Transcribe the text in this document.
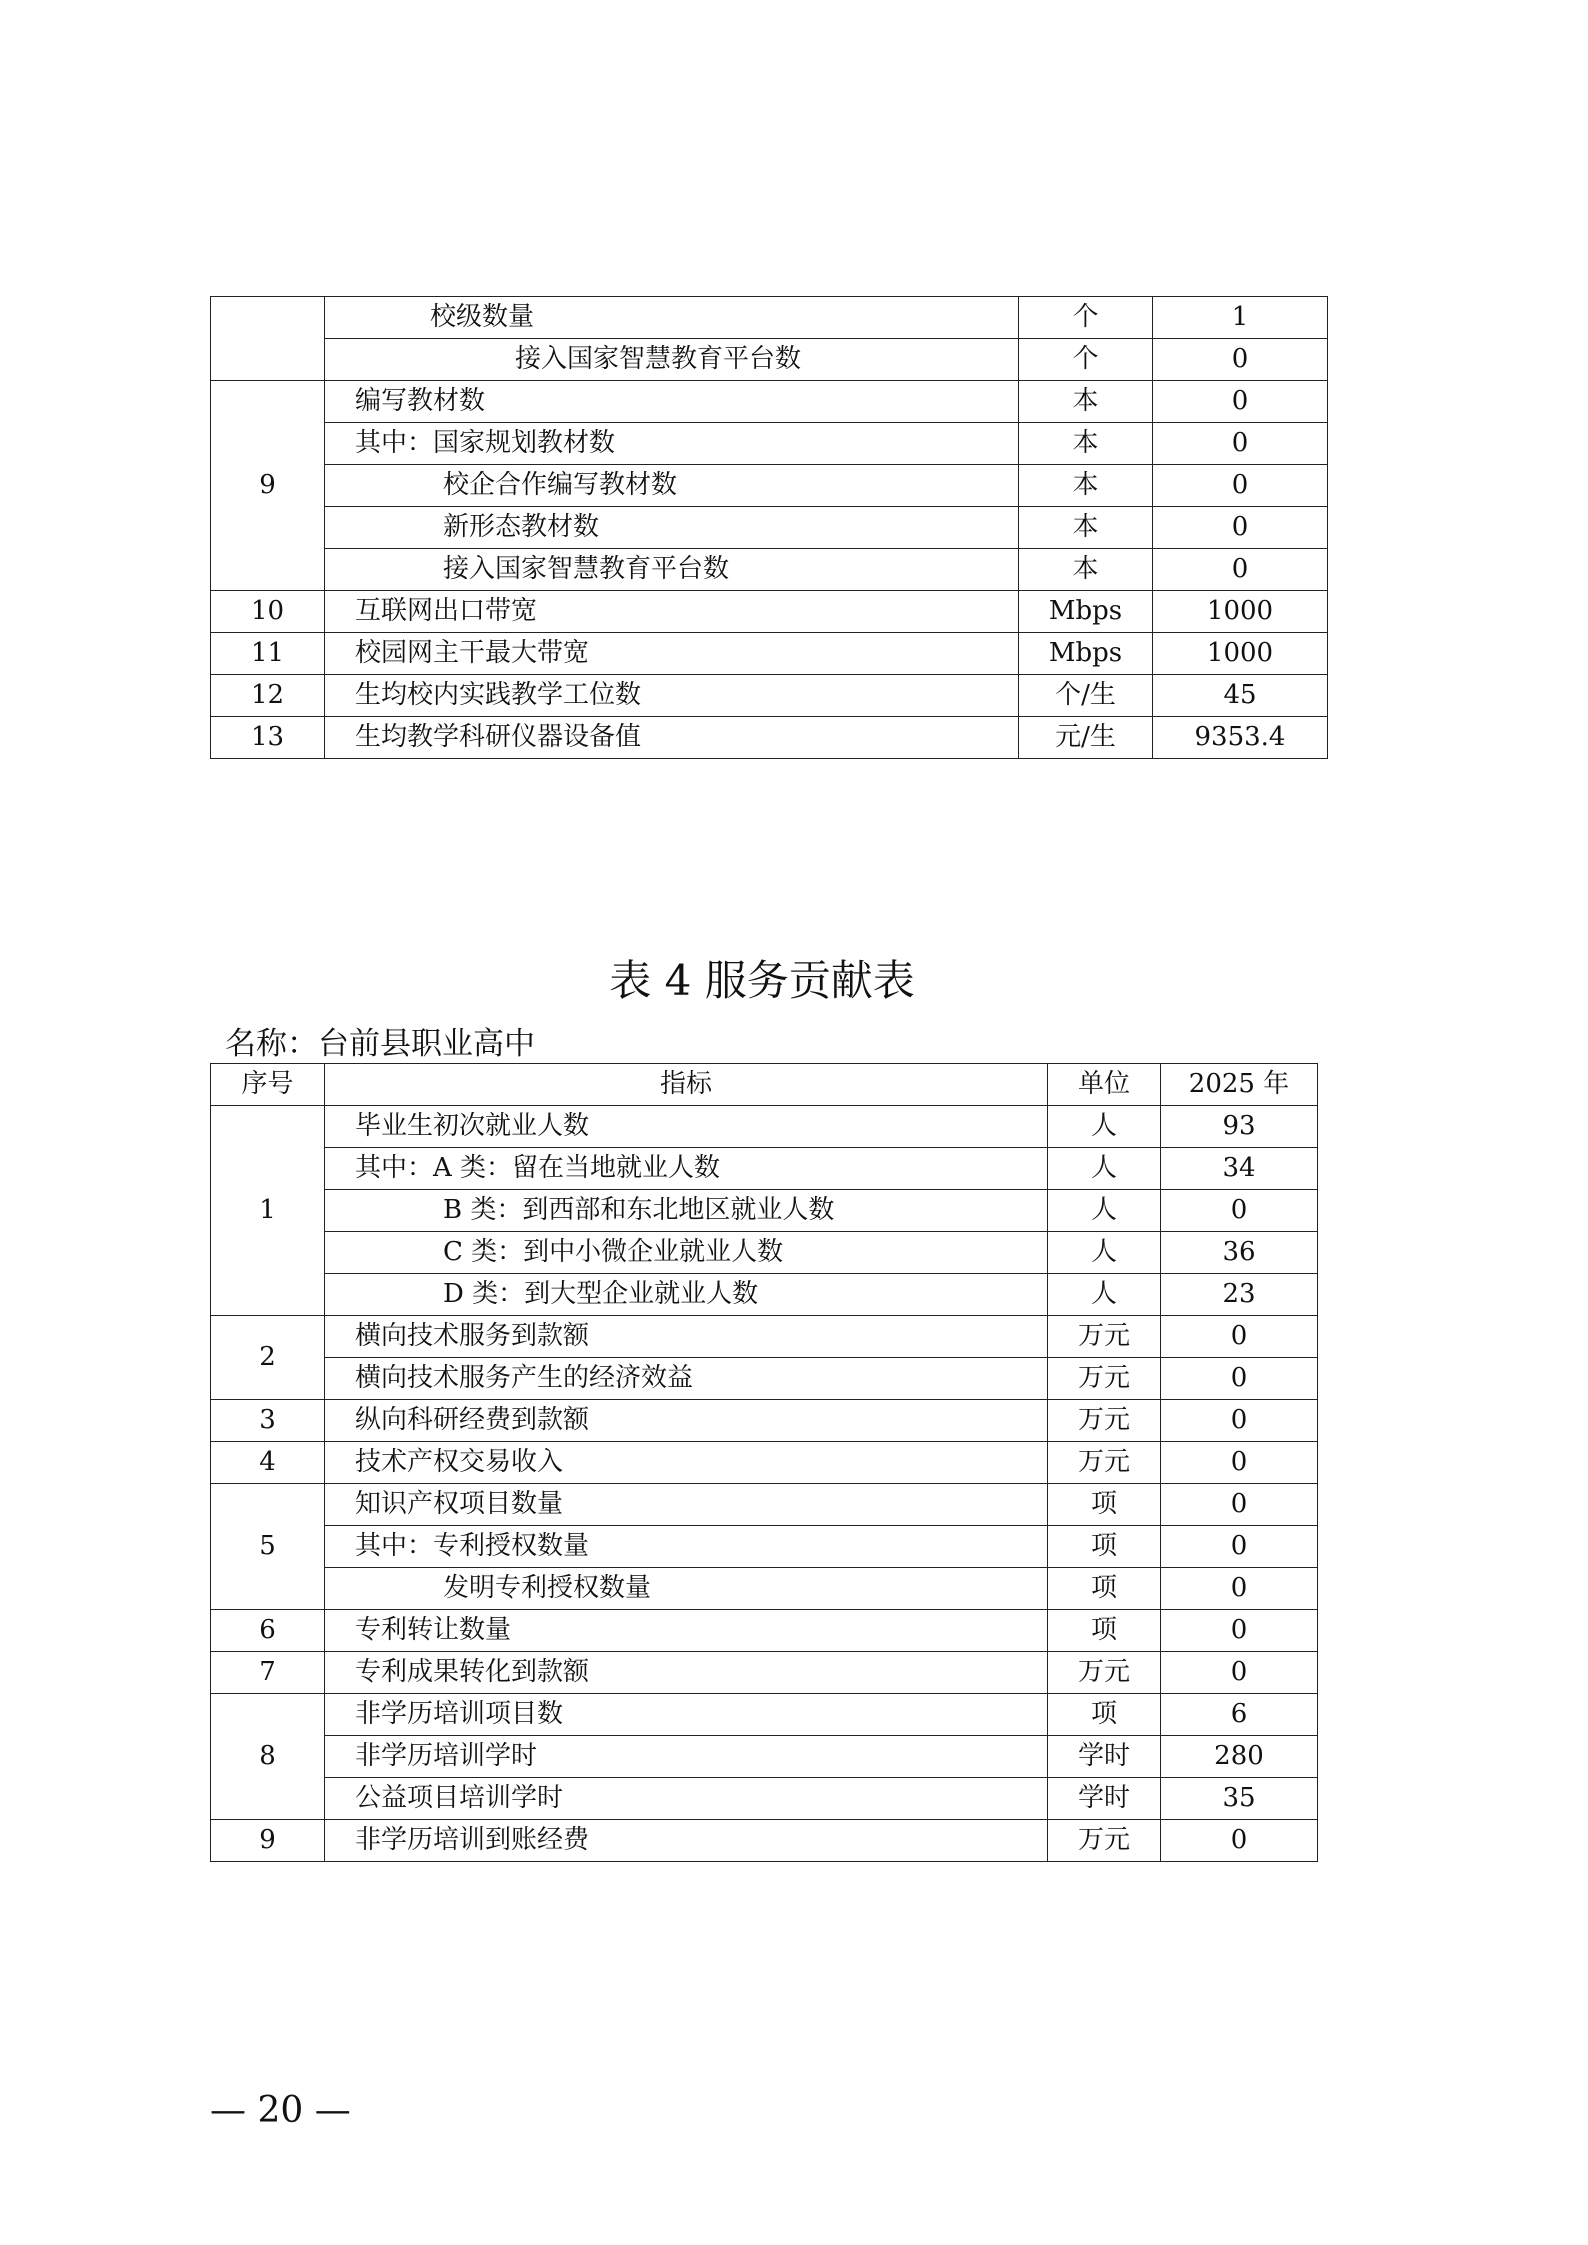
	校级数量	个	1
	接入国家智慧教育平台数	个	0
9	编写教材数	本	0
	其中：国家规划教材数	本	0
	校企合作编写教材数	本	0
	新形态教材数	本	0
	接入国家智慧教育平台数	本	0
10	互联网出口带宽	Mbps	1000
11	校园网主干最大带宽	Mbps	1000
12	生均校内实践教学工位数	个/生	45
13	生均教学科研仪器设备值	元/生	9353.4
表 4 服务贡献表
名称：台前县职业高中
序号	指标	单位	2025 年
1	毕业生初次就业人数	人	93
	其中：A 类：留在当地就业人数	人	34
	B 类：到西部和东北地区就业人数	人	0
	C 类：到中小微企业就业人数	人	36
	D 类：到大型企业就业人数	人	23
2	横向技术服务到款额	万元	0
	横向技术服务产生的经济效益	万元	0
3	纵向科研经费到款额	万元	0
4	技术产权交易收入	万元	0
5	知识产权项目数量	项	0
	其中：专利授权数量	项	0
	发明专利授权数量	项	0
6	专利转让数量	项	0
7	专利成果转化到款额	万元	0
8	非学历培训项目数	项	6
	非学历培训学时	学时	280
	公益项目培训学时	学时	35
9	非学历培训到账经费	万元	0
— 20 —
